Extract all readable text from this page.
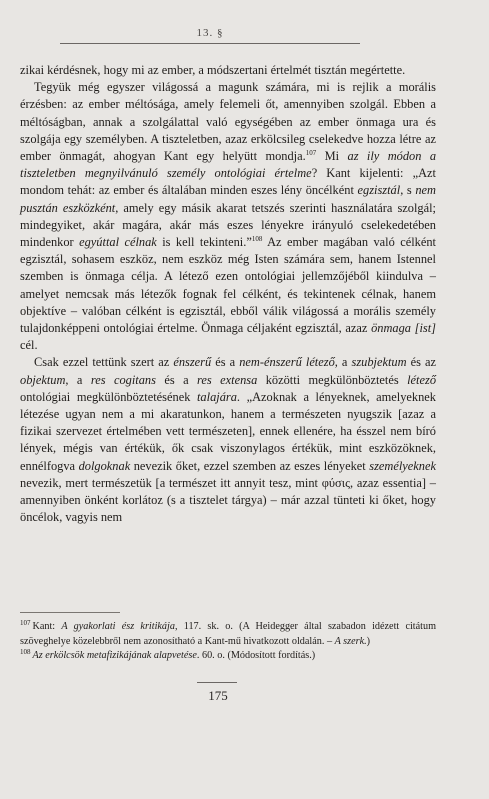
13. §

zikai kérdésnek, hogy mi az ember, a módszertani értelmét tisztán megértette.

Tegyük még egyszer világossá a magunk számára, mi is rejlik a morális érzésben: az ember méltósága, amely felemeli őt, amennyiben szolgál. Ebben a méltóságban, annak a szolgálattal való egységében az ember önmaga ura és szolgája egy személyben. A tiszteletben, azaz erkölcsileg cselekedve hozza létre az ember önmagát, ahogyan Kant egy helyütt mondja.$^{107}$ Mi az ily módon a tiszteletben megnyilvánuló személy ontológiai értelme? Kant kijelenti: „Azt mondom tehát: az ember és általában minden eszes lény öncélként egzisztál, s nem pusztán eszközként, amely egy másik akarat tetszés szerinti használatára szolgál; mindegyiket, akár magára, akár más eszes lényekre irányuló cselekedetében mindenkor egyúttal célnak is kell tekinteni.”$^{108}$ Az ember magában való célként egzisztál, sohasem eszköz, nem eszköz még Isten számára sem, hanem Istennel szemben is önmaga célja. A létező ezen ontológiai jellemzőjéből kiindulva – amelyet nemcsak más létezők fognak fel célként, és tekintenek célnak, hanem objektíve – valóban célként is egzisztál, ebből válik világossá a morális személy tulajdonképpeni ontológiai értelme. Önmaga céljaként egzisztál, azaz önmaga [ist] cél.

Csak ezzel tettünk szert az énszerű és a nem-énszerű létező, a szubjektum és az objektum, a res cogitans és a res extensa közötti megkülönböztetés létező ontológiai megkülönböztetésének talajára. „Azoknak a lényeknek, amelyeknek létezése ugyan nem a mi akaratunkon, hanem a természeten nyugszik [azaz a fizikai szervezet értelmében vett természeten], ennek ellenére, ha ésszel nem bíró lények, mégis van értékük, ők csak viszonylagos értékük, mint eszközöknek, ennélfogva dolgoknak nevezik őket, ezzel szemben az eszes lényeket személyeknek nevezik, mert természetük [a természet itt annyit tesz, mint φύσις, azaz essentia] – amennyiben önként korlátoz (s a tisztelet tárgya) – már azzal tünteti ki őket, hogy öncélok, vagyis nem

$^{107}$ Kant: A gyakorlati ész kritikája, 117. sk. o. (A Heidegger által szabadon idézett citátum szöveghelye közelebbről nem azonosítható a Kant-mű hivatkozott oldalán. – A szerk.)

$^{108}$ Az erkölcsök metafizikájának alapvetése. 60. o. (Módosított fordítás.)

175
